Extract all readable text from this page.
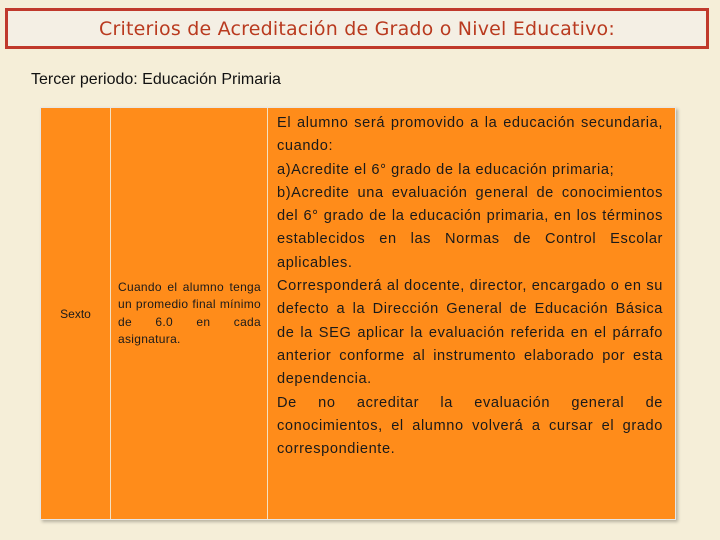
Criterios de Acreditación de Grado o Nivel Educativo:
Tercer periodo: Educación Primaria
Sexto
Cuando el alumno tenga un promedio final mínimo de 6.0 en cada asignatura.

El alumno será promovido a la educación secundaria, cuando:

a)Acredite el 6° grado de la educación primaria;

b)Acredite una evaluación general de conocimientos del 6° grado de la educación primaria, en los términos establecidos en las Normas de Control Escolar aplicables.

Corresponderá al docente, director, encargado o en su defecto a la Dirección General de Educación Básica de la SEG aplicar la evaluación referida en el párrafo anterior conforme al instrumento elaborado por esta dependencia.

De no acreditar la evaluación general de conocimientos, el alumno volverá a cursar el grado correspondiente.
